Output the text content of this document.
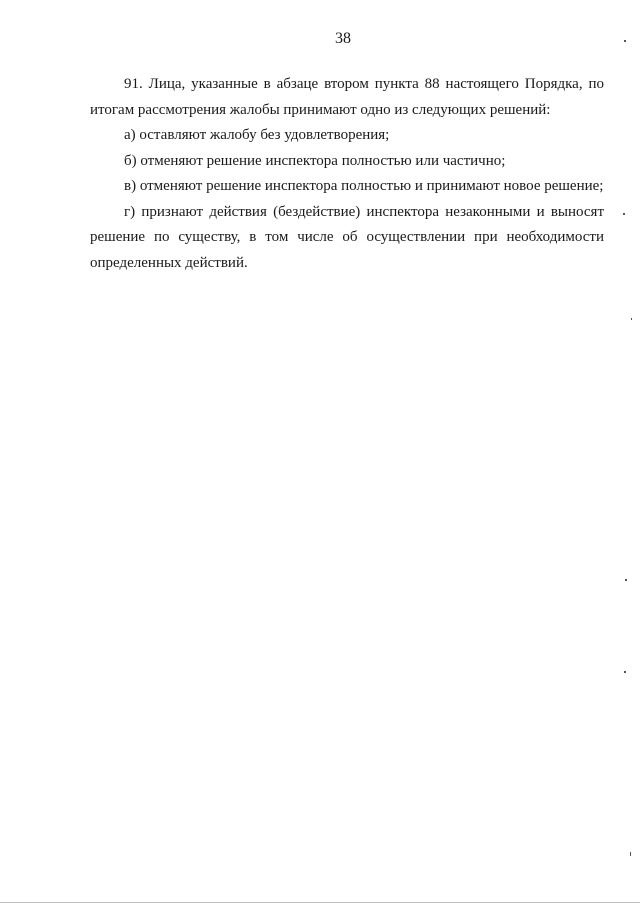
38

91. Лица, указанные в абзаце втором пункта 88 настоящего Порядка, по итогам рассмотрения жалобы принимают одно из следующих решений:

а) оставляют жалобу без удовлетворения;

б) отменяют решение инспектора полностью или частично;

в) отменяют решение инспектора полностью и принимают новое решение;

г) признают действия (бездействие) инспектора незаконными и выносят решение по существу, в том числе об осуществлении при необходимости определенных действий.
